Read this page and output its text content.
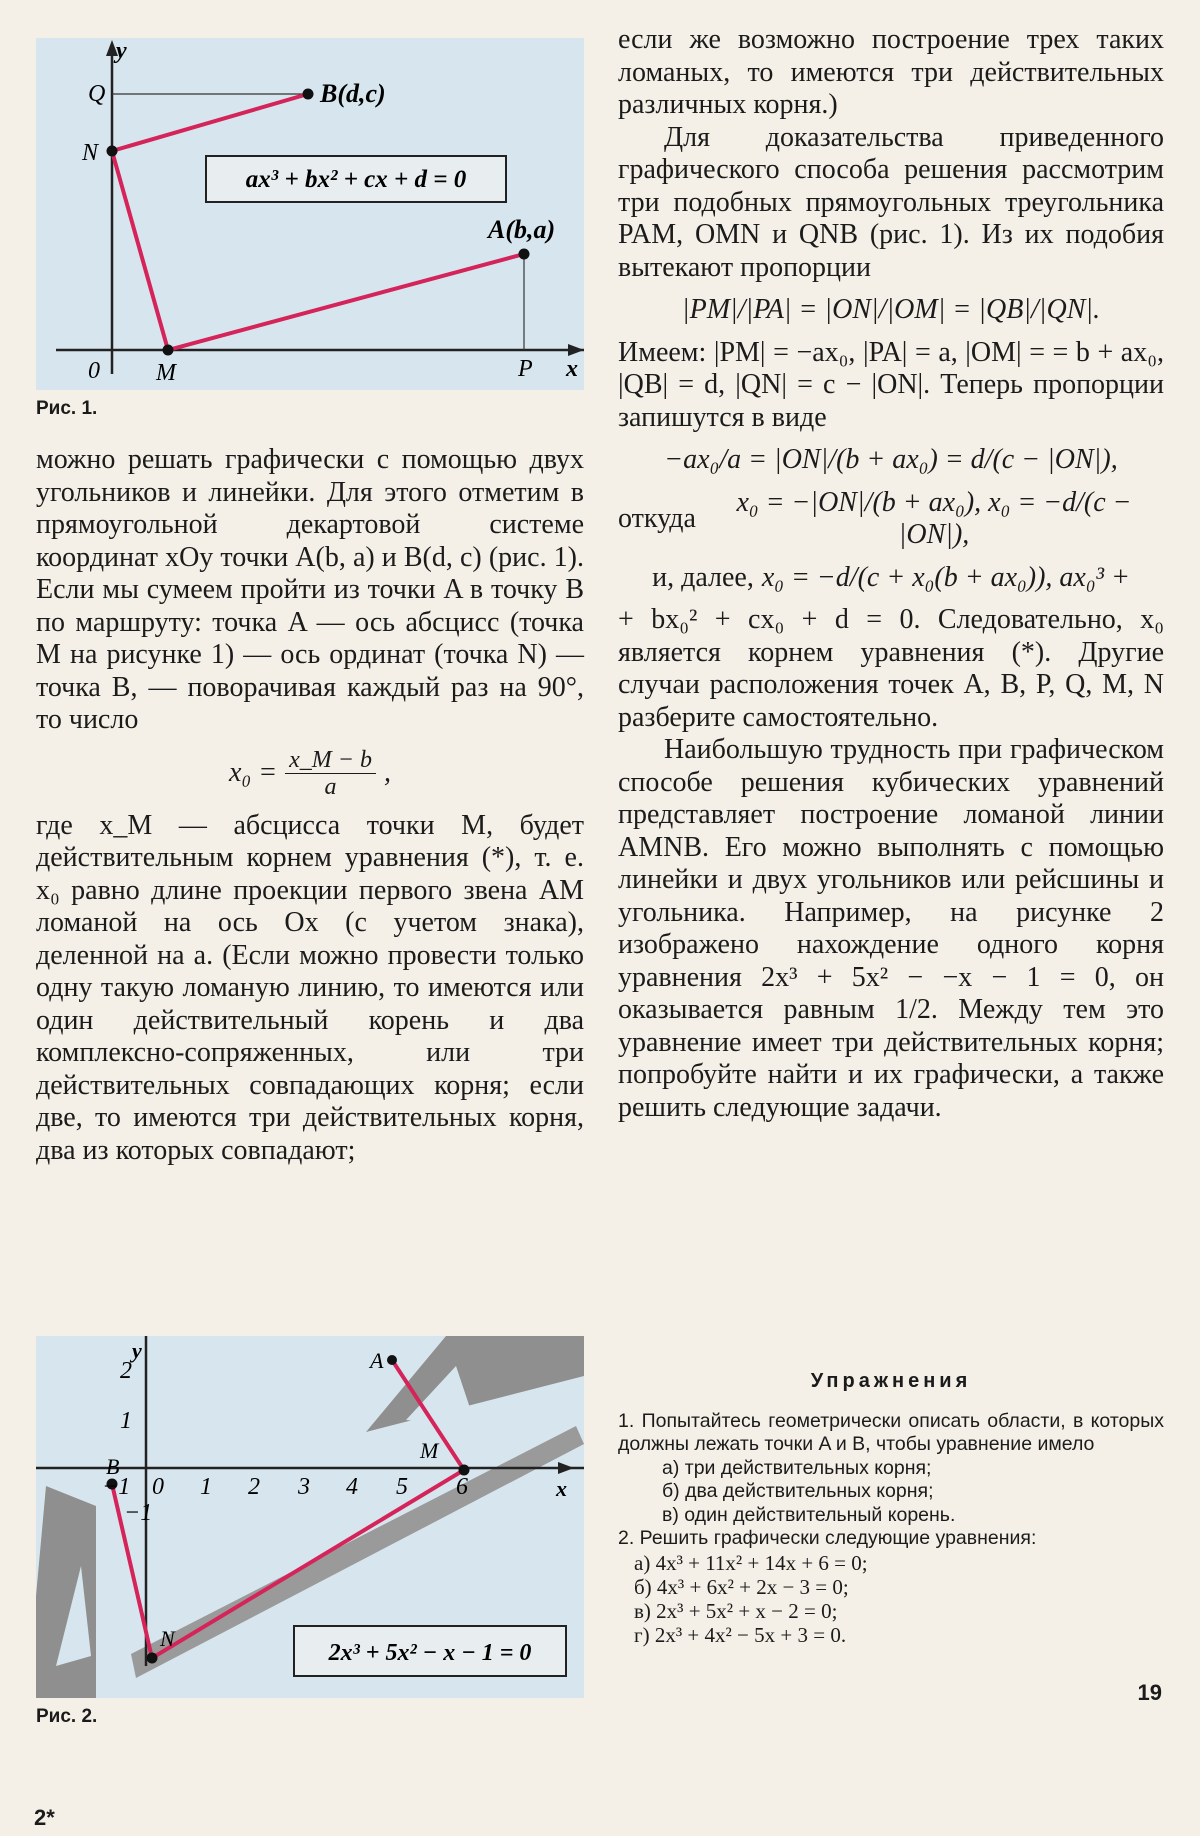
ax³ + bx² + cx + d = 0
y
x
Q
N
0 M	P
B(d,c)
A(b,a)
Рис. 1.

можно решать графически с помощью двух угольников и линейки. Для этого отметим в прямоугольной декартовой системе координат xOy точки A(b, a) и B(d, c) (рис. 1). Если мы сумеем пройти из точки A в точку B по маршруту: точка A — ось абсцисс (точка M на рисунке 1) — ось ординат (точка N) — точка B, — поворачивая каждый раз на 90°, то число

$x_0 = \frac{x\_M - b}{a}$ ,

где x_M — абсцисса точки M, будет действительным корнем уравнения (*), т. е. x₀ равно длине проекции первого звена AM ломаной на ось Ox (с учетом знака), деленной на a. (Если можно провести только одну такую ломаную линию, то имеются или один действительный корень и два комплексно-сопряженных, или три действительных совпадающих корня; если две, то имеются три действительных корня, два из которых совпадают;

если же возможно построение трех таких ломаных, то имеются три действительных различных корня.)

Для доказательства приведенного графического способа решения рассмотрим три подобных прямоугольных треугольника PAM, OMN и QNB (рис. 1). Из их подобия вытекают пропорции

|PM|/|PA| = |ON|/|OM| = |QB|/|QN|.

Имеем: |PM| = −ax₀, |PA| = a, |OM| = = b + ax₀, |QB| = d, |QN| = c − |ON|. Теперь пропорции запишутся в виде

−ax₀/a = |ON|/(b + ax₀) = d/(c − |ON|),
откуда
x₀ = −|ON|/(b + ax₀), x₀ = −d/(c − |ON|),
и, далее, x₀ = −d/(c + x₀(b + ax₀)), ax₀³ +

+ bx₀² + cx₀ + d = 0. Следовательно, x₀ является корнем уравнения (*). Другие случаи расположения точек A, B, P, Q, M, N разберите самостоятельно.

Наибольшую трудность при графическом способе решения кубических уравнений представляет построение ломаной линии AMNB. Его можно выполнять с помощью линейки и двух угольников или рейсшины и угольника. Например, на рисунке 2 изображено нахождение одного корня уравнения 2x³ + 5x² − −x − 1 = 0, он оказывается равным 1/2. Между тем это уравнение имеет три действительных корня; попробуйте найти и их графически, а также решить следующие задачи.

−1 0 1 2 3 4 5 6
2
1
−1
y
x
A
M
B
N
2x³ + 5x² − x − 1 = 0
Рис. 2.
Упражнения

1. Попытайтесь геометрически описать области, в которых должны лежать точки A и B, чтобы уравнение имело

а) три действительных корня;

б) два действительных корня;

в) один действительный корень.

2. Решить графически следующие уравнения:

а) 4x³ + 11x² + 14x + 6 = 0;

б) 4x³ + 6x² + 2x − 3 = 0;

в) 2x³ + 5x² + x − 2 = 0;

г) 2x³ + 4x² − 5x + 3 = 0.

19
2*
